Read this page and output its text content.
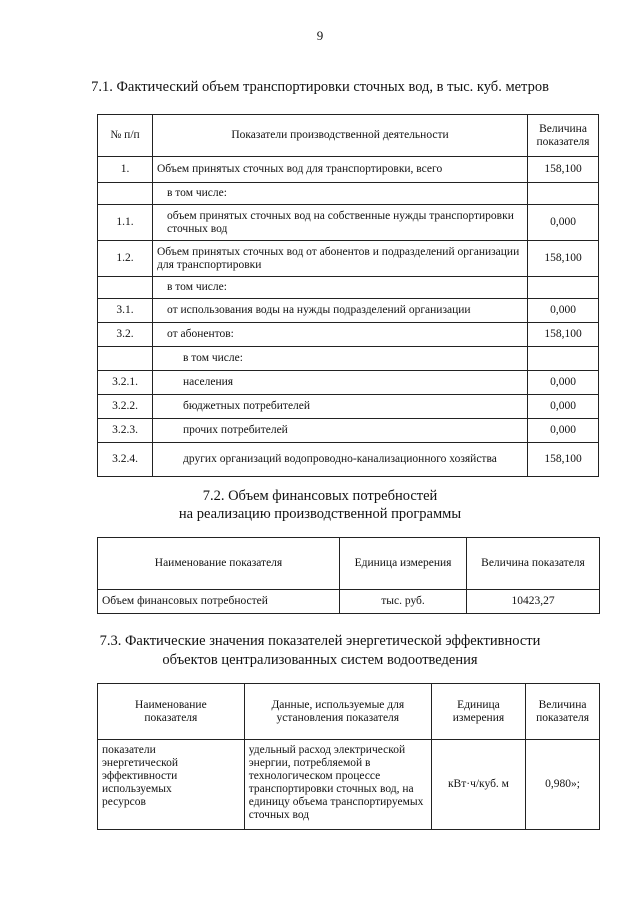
9
7.1. Фактический объем транспортировки сточных вод, в тыс. куб. метров
№ п/п	Показатели производственной деятельности	Величина показателя
1.	Объем принятых сточных вод для транспортировки, всего	158,100
	в том числе:	
1.1.	объем принятых сточных вод на собственные нужды транспортировки сточных вод	0,000
1.2.	Объем принятых сточных вод от абонентов и подразделений организации для транспортировки	158,100
	в том числе:	
3.1.	от использования воды на нужды подразделений организации	0,000
3.2.	от абонентов:	158,100
	в том числе:	
3.2.1.	населения	0,000
3.2.2.	бюджетных потребителей	0,000
3.2.3.	прочих потребителей	0,000
3.2.4.	других организаций водопроводно-канализационного хозяйства	158,100
7.2. Объем финансовых потребностей
на реализацию производственной программы
Наименование показателя	Единица измерения	Величина показателя
Объем финансовых потребностей	тыс. руб.	10423,27
7.3. Фактические значения показателей энергетической эффективности
объектов централизованных систем водоотведения
Наименование показателя	Данные, используемые для установления показателя	Единица измерения	Величина показателя
показатели энергетической эффективности используемых ресурсов	удельный расход электрической энергии, потребляемой в технологическом процессе транспортировки сточных вод, на единицу объема транспортируемых сточных вод	кВт·ч/куб. м	0,980»;
